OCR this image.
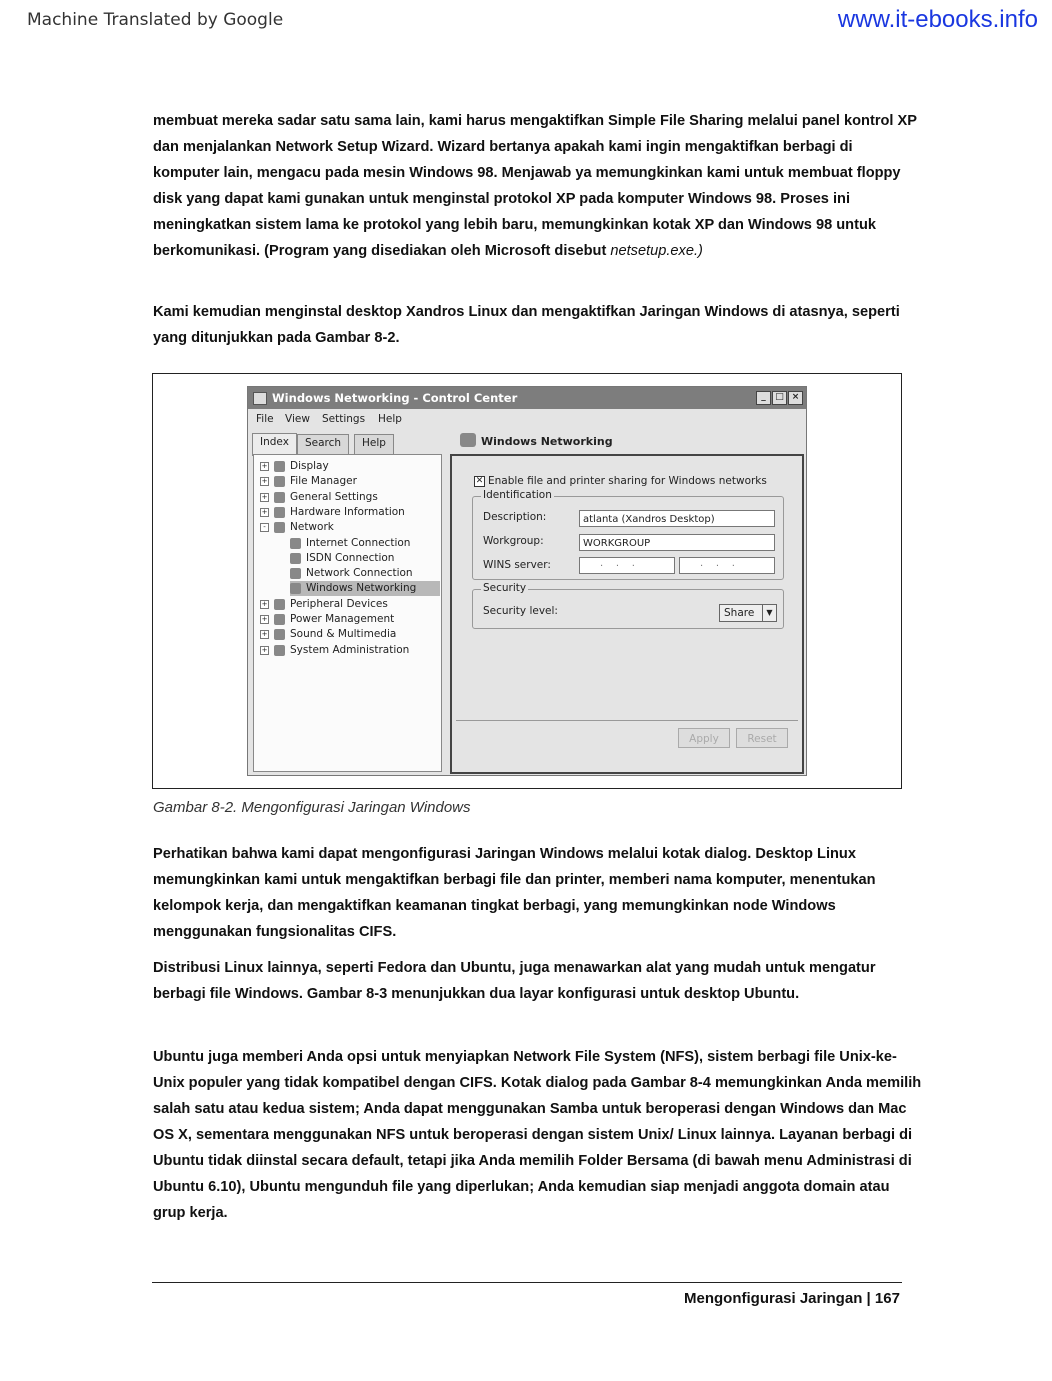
Machine Translated by Google	www.it-ebooks.info

membuat mereka sadar satu sama lain, kami harus mengaktifkan Simple File Sharing melalui panel kontrol XP dan menjalankan Network Setup Wizard. Wizard bertanya apakah kami ingin mengaktifkan berbagi di komputer lain, mengacu pada mesin Windows 98. Menjawab ya memungkinkan kami untuk membuat floppy disk yang dapat kami gunakan untuk menginstal protokol XP pada komputer Windows 98. Proses ini meningkatkan sistem lama ke protokol yang lebih baru, memungkinkan kotak XP dan Windows 98 untuk berkomunikasi. (Program yang disediakan oleh Microsoft disebut netsetup.exe.)

Kami kemudian menginstal desktop Xandros Linux dan mengaktifkan Jaringan Windows di atasnya, seperti yang ditunjukkan pada Gambar 8-2.

Windows Networking - Control Center	_	□ ×
File View Settings Help
Index	Search	Help
+ Display
+ File Manager
+ General Settings
+ Hardware Information
-	Network
Internet Connection
ISDN Connection
Network Connection
Windows Networking
+ Peripheral Devices
+ Power Management
+ Sound & Multimedia
+ System Administration
Windows Networking
✕ Enable file and printer sharing for Windows networks
Identification
Description:	atlanta (Xandros Desktop)
Workgroup:	WORKGROUP
WINS server:	·    ·    ·	·    ·    ·
Security
Security level:	Share	▼
Apply	Reset
Gambar 8-2. Mengonfigurasi Jaringan Windows

Perhatikan bahwa kami dapat mengonfigurasi Jaringan Windows melalui kotak dialog. Desktop Linux memungkinkan kami untuk mengaktifkan berbagi file dan printer, memberi nama komputer, menentukan kelompok kerja, dan mengaktifkan keamanan tingkat berbagi, yang memungkinkan node Windows menggunakan fungsionalitas CIFS.

Distribusi Linux lainnya, seperti Fedora dan Ubuntu, juga menawarkan alat yang mudah untuk mengatur berbagi file Windows. Gambar 8-3 menunjukkan dua layar konfigurasi untuk desktop Ubuntu.

Ubuntu juga memberi Anda opsi untuk menyiapkan Network File System (NFS), sistem berbagi file Unix-ke-Unix populer yang tidak kompatibel dengan CIFS. Kotak dialog pada Gambar 8-4 memungkinkan Anda memilih salah satu atau kedua sistem; Anda dapat menggunakan Samba untuk beroperasi dengan Windows dan Mac OS X, sementara menggunakan NFS untuk beroperasi dengan sistem Unix/ Linux lainnya. Layanan berbagi di Ubuntu tidak diinstal secara default, tetapi jika Anda memilih Folder Bersama (di bawah menu Administrasi di Ubuntu 6.10), Ubuntu mengunduh file yang diperlukan; Anda kemudian siap menjadi anggota domain atau grup kerja.

Mengonfigurasi Jaringan | 167
